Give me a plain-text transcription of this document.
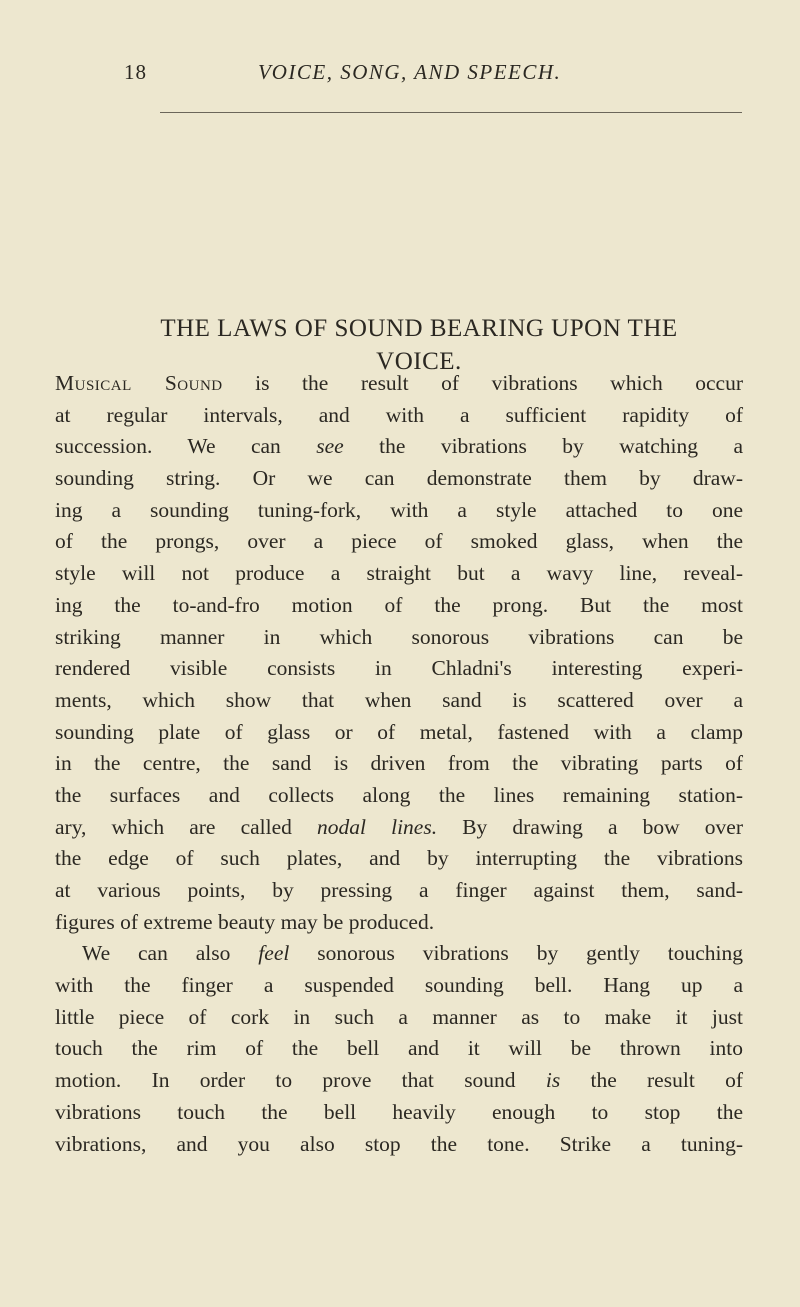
18	VOICE, SONG, AND SPEECH.
THE LAWS OF SOUND BEARING UPON THE
VOICE.
Musical Sound is the result of vibrations which occur
at regular intervals, and with a sufficient rapidity of
succession. We can see the vibrations by watching a
sounding string. Or we can demonstrate them by draw-
ing a sounding tuning-fork, with a style attached to one
of the prongs, over a piece of smoked glass, when the
style will not produce a straight but a wavy line, reveal-
ing the to-and-fro motion of the prong. But the most
striking manner in which sonorous vibrations can be
rendered visible consists in Chladni's interesting experi-
ments, which show that when sand is scattered over a
sounding plate of glass or of metal, fastened with a clamp
in the centre, the sand is driven from the vibrating parts of
the surfaces and collects along the lines remaining station-
ary, which are called nodal lines. By drawing a bow over
the edge of such plates, and by interrupting the vibrations
at various points, by pressing a finger against them, sand-
figures of extreme beauty may be produced.
We can also feel sonorous vibrations by gently touching
with the finger a suspended sounding bell. Hang up a
little piece of cork in such a manner as to make it just
touch the rim of the bell and it will be thrown into
motion. In order to prove that sound is the result of
vibrations touch the bell heavily enough to stop the
vibrations, and you also stop the tone. Strike a tuning-
